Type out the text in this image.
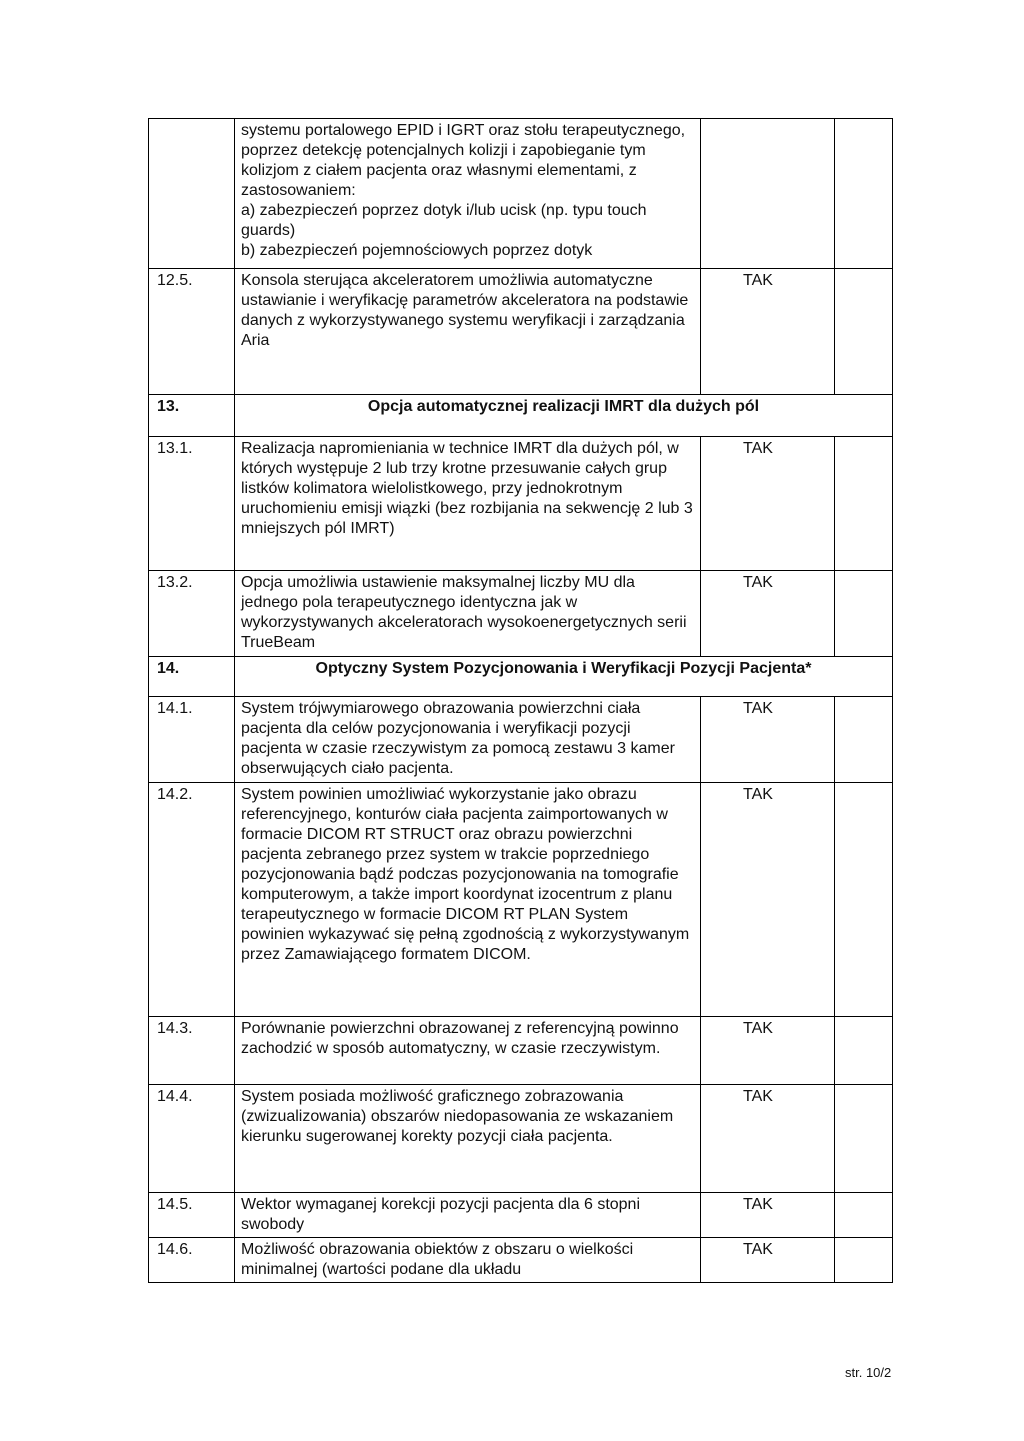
	systemu portalowego EPID i IGRT oraz stołu terapeutycznego, poprzez detekcję potencjalnych kolizji i zapobieganie tym kolizjom z ciałem pacjenta oraz własnymi elementami, z zastosowaniem:
a) zabezpieczeń poprzez dotyk i/lub ucisk (np. typu touch guards)
b) zabezpieczeń pojemnościowych poprzez dotyk		
12.5.	Konsola sterująca akceleratorem umożliwia automatyczne ustawianie i weryfikację parametrów akceleratora na podstawie danych z wykorzystywanego systemu weryfikacji i zarządzania Aria	TAK	
13.	Opcja automatycznej realizacji IMRT dla dużych pól		
13.1.	Realizacja napromieniania w technice IMRT dla dużych pól, w których występuje 2 lub trzy krotne przesuwanie całych grup listków kolimatora wielolistkowego, przy jednokrotnym uruchomieniu emisji wiązki (bez rozbijania na sekwencję 2 lub 3 mniejszych pól IMRT)	TAK	
13.2.	Opcja umożliwia ustawienie maksymalnej liczby MU dla jednego pola terapeutycznego identyczna jak w wykorzystywanych akceleratorach wysokoenergetycznych serii TrueBeam	TAK	
14.	Optyczny System Pozycjonowania i Weryfikacji Pozycji Pacjenta*		
14.1.	System trójwymiarowego obrazowania powierzchni ciała pacjenta dla celów pozycjonowania i weryfikacji pozycji pacjenta w czasie rzeczywistym za pomocą zestawu 3 kamer obserwujących ciało pacjenta.	TAK	
14.2.	System powinien umożliwiać wykorzystanie jako obrazu referencyjnego, konturów ciała pacjenta zaimportowanych w formacie DICOM RT STRUCT oraz obrazu powierzchni pacjenta zebranego przez system w trakcie poprzedniego pozycjonowania bądź podczas pozycjonowania na tomografie komputerowym, a także import koordynat izocentrum z planu terapeutycznego w formacie DICOM RT PLAN System powinien wykazywać się pełną zgodnością z wykorzystywanym przez Zamawiającego formatem DICOM.	TAK	
14.3.	Porównanie powierzchni obrazowanej z referencyjną powinno zachodzić w sposób automatyczny, w czasie rzeczywistym.	TAK	
14.4.	System posiada możliwość graficznego zobrazowania (zwizualizowania) obszarów niedopasowania ze wskazaniem kierunku sugerowanej korekty pozycji ciała pacjenta.	TAK	
14.5.	Wektor wymaganej korekcji pozycji pacjenta dla 6 stopni swobody	TAK	
14.6.	Możliwość obrazowania obiektów z obszaru o wielkości minimalnej (wartości podane dla układu	TAK	
str. 10/2
